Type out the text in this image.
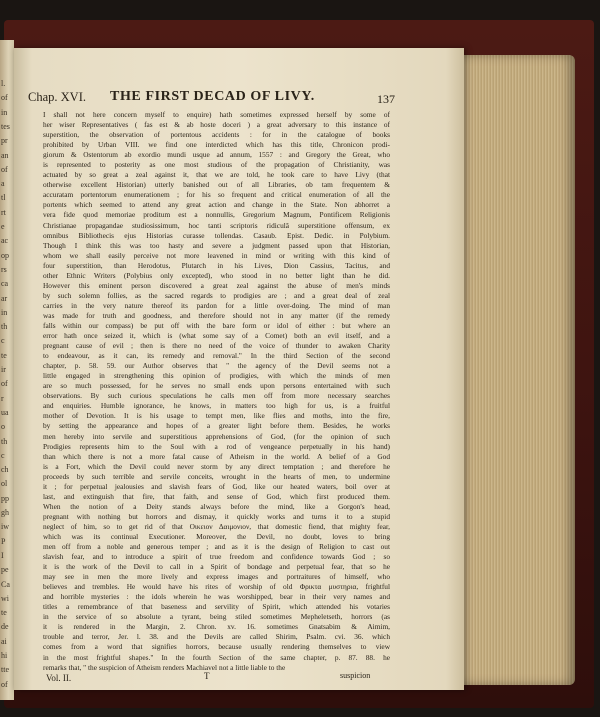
l.
of
in
tes
pr
an
of
a
tl
rt
e
ac
op
rs
ca
ar
in
th
c
te
ir
of
r
ua
o
th
c
ch
ol
pp
gh
iw
P
I
pe
Ca
wi
te
de
ai
hi
tte
of
Chap. XVI. THE FIRST DECAD OF LIVY.	137
I shall not here concern myself to enquire) hath sometimes expressed herself by some of
her wiser Representatives ( fas est & ab hoste doceri ) a great adversary to this instance of
superstition, the observation of portentous accidents : for in the catalogue of books
prohibited by Urban VIII. we find one interdicted which has this title, Chronicon prodi-
giorum & Ostentorum ab exordio mundi usque ad annum, 1557 : and Gregory the Great, who
is represented to posterity as one most studious of the propagation of Christianity, was
actuated by so great a zeal against it, that we are told, he took care to have Livy (that
otherwise excellent Historian) utterly banished out of all Libraries, ob tam frequentem &
accuratam portentorum enumerationem ; for his so frequent and critical enumeration of all the
portents which seemed to attend any great action and change in the State. Non abhorret a
vera fide quod memoriae proditum est a nonnullis, Gregorium Magnum, Pontificem Religionis
Christianae propagandae studiosissimum, hoc tanti scriptoris ridiculâ superstitione offensum, ex
omnibus Bibliothecis ejus Historias curasse tollendas. Casaub. Epist. Dedic. in Polybium.
Though I think this was too hasty and severe a judgment passed upon that Historian,
whom we shall easily perceive not more leavened in mind or writing with this kind of
four superstition, than Herodotus, Plutarch in his Lives, Dion Cassius, Tacitus, and
other Ethnic Writers (Polybius only excepted), who stood in no better light than he did.
However this eminent person discovered a great zeal against the abuse of men's minds
by such solemn follies, as the sacred regards to prodigies are ; and a great deal of zeal
carries in the very nature thereof its pardon for a little over-doing. The mind of man
was made for truth and goodness, and therefore should not in any matter (if the remedy
falls within our compass) be put off with the bare form or idol of either : but where an
error hath once seized it, which is (what some say of a Comet) both an evil itself, and a
pregnant cause of evil ; then is there no need of the voice of thunder to awaken Charity
to endeavour, as it can, its remedy and removal." In the third Section of the second
chapter, p. 58. 59. our Author observes that " the agency of the Devil seems not a
little engaged in strengthening this opinion of prodigies, with which the minds of men
are so much possessed, for he serves no small ends upon persons entertained with such
observations. By such curious speculations he calls men off from more necessary searches
and enquiries. Humble ignorance, he knows, in matters too high for us, is a fruitful
mother of Devotion. It is his usage to tempt men, like flies and moths, into the fire,
by setting the appearance and hopes of a greater light before them. Besides, he works
men hereby into servile and superstitious apprehensions of God, (for the opinion of such
Prodigies represents him to the Soul with a rod of vengeance perpetually in his hand)
than which there is not a more fatal cause of Atheism in the world. A belief of a God
is a Fort, which the Devil could never storm by any direct temptation ; and therefore he
proceeds by such terrible and servile conceits, wrought in the hearts of men, to undermine
it ; for perpetual jealousies and slavish fears of God, like our heated waters, boil over at
last, and extinguish that fire, that faith, and sense of God, which first produced them.
When the notion of a Deity stands always before the mind, like a Gorgon's head,
pregnant with nothing but horrors and dismay, it quickly works and turns it to a stupid
neglect of him, so to get rid of that Οικειον Δαιμονιον, that domestic fiend, that mighty fear,
which was its continual Executioner. Moreover, the Devil, no doubt, loves to bring
men off from a noble and generous temper ; and as it is the design of Religion to cast out
slavish fear, and to introduce a spirit of true freedom and confidence towards God ; so
it is the work of the Devil to call in a Spirit of bondage and perpetual fear, that so he
may see in men the more lively and express images and portraitures of himself, who
believes and trembles. He would have his rites of worship of old Φρικτα μυστηρια, frightful
and horrible mysteries : the idols wherein he was worshipped, bear in their very names and
titles a remembrance of that baseness and servility of Spirit, which attended his votaries
in the service of so absolute a tyrant, being stiled sometimes Mepheletseth, horrors (as
it is rendered in the Margin, 2. Chron. xv. 16. sometimes Gnatsabim & Aimim,
trouble and terror, Jer. l. 38. and the Devils are called Shirim, Psalm. cvi. 36. which
comes from a word that signifies horrors, because usually rendering themselves to view
in the most frightful shapes." In the fourth Section of the same chapter, p. 87. 88. he
remarks that, " the suspicion of Atheism renders Machiavel not a little liable to the
Vol. II.	T	suspicion
